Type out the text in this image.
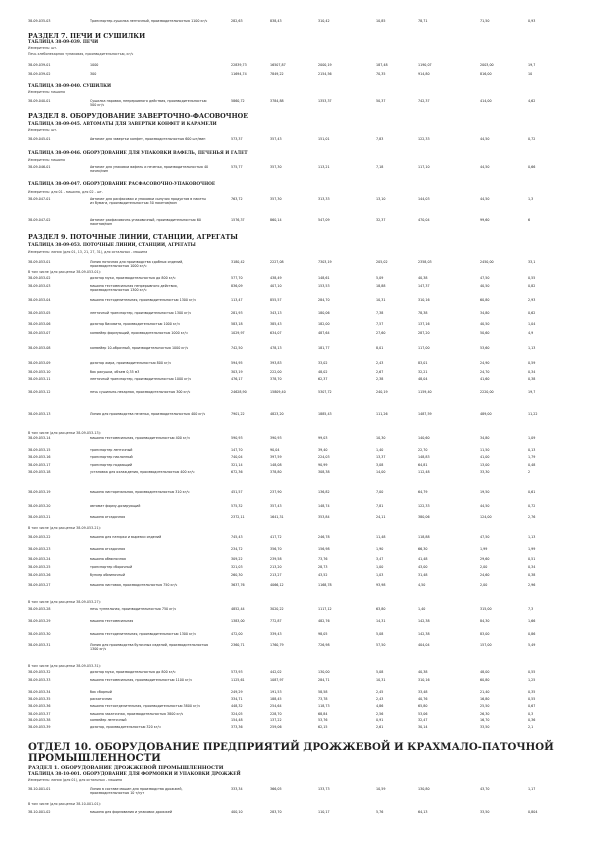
РАЗДЕЛ 7. ПЕЧИ И СУШИЛКИ
ТАБЛИЦА 38-09-039. ПЕЧИ
Измеритель: шт.
Печь хлебопекарная тупиковая, производительностью, кг/ч
ТАБЛИЦА 38-09-040. СУШИЛКИ
Измеритель: машина
РАЗДЕЛ 8. ОБОРУДОВАНИЕ ЗАВЕРТОЧНО-ФАСОВОЧНОЕ
ТАБЛИЦА 38-09-045. АВТОМАТЫ ДЛЯ ЗАВЕРТКИ КОНФЕТ И КАРАМЕЛИ
Измеритель: шт.
ТАБЛИЦА 38-09-046. ОБОРУДОВАНИЕ ДЛЯ УПАКОВКИ ВАФЕЛЬ, ПЕЧЕНЬЯ И ГАЛЕТ
Измеритель: машина
ТАБЛИЦА 38-09-047. ОБОРУДОВАНИЕ РАСФАСОВОЧНО-УПАКОВОЧНОЕ
Измеритель: для 01 - машина, для 02 - шт.
РАЗДЕЛ 9. ПОТОЧНЫЕ ЛИНИИ, СТАНЦИИ, АГРЕГАТЫ
ТАБЛИЦА 38-09-053. ПОТОЧНЫЕ ЛИНИИ, СТАНЦИИ, АГРЕГАТЫ
Измеритель: линия (для 01, 13, 21, 27, 31), для остальных - машина
В том числе (для расценки 38-09-053-01):
В том числе (для расценки 38-09-053-13):
В том числе (для расценки 38-09-053-21):
В том числе (для расценки 38-09-053-27):
В том числе (для расценки 38-09-053-31):
ОТДЕЛ 10. ОБОРУДОВАНИЕ ПРЕДПРИЯТИЙ ДРОЖЖЕВОЙ И КРАХМАЛО-ПАТОЧНОЙ ПРОМЫШЛЕННОСТИ
РАЗДЕЛ 1. ОБОРУДОВАНИЕ ДРОЖЖЕВОЙ ПРОМЫШЛЕННОСТИ
ТАБЛИЦА 38-10-001. ОБОРУДОВАНИЕ ДЛЯ ФОРМОВКИ И УПАКОВКИ ДРОЖЖЕЙ
Измеритель: линия (для 01), для остальных - машина
В том числе (для расценки 38-10-001-01):
38-09-035-03	Транспортер-сушилка ленточный, производительностью 1100 кг/ч	282,63	838,43	310,42	10,85	78,71	71,50	0,93
38-09-039-01	1000	22839,73	16507,87	2000,19	187,48	1190,07	2003,00	19,7
38-09-039-02	300	11694,74	7849,22	2154,56	70,35	914,80	816,00	10
38-09-040-01	Сушилка паровая, непрерывного действия, производительностью 500 кг/ч
5860,72	3784,88	1353,37	50,37	742,37	414,00	4,62
38-09-045-01	Автомат для завертки конфет, производительностью 600 шт/мин	573,37	357,43	151,01	7,83	122,33	44,50	0,72
38-09-046-01	Автомат для упаковки вафель и печенья, производительностью 40 пачек/мин
575,77	357,30	113,21	7,18	117,10	44,50	0,66
38-09-047-01	Автомат для расфасовки и упаковки сыпучих продуктов в пакеты из бумаги, производительностью 50 пакетов/мин
763,72	357,30	313,33	13,10	144,03	44,50	1,3
38-09-047-02	Автомат расфасовочно-упаковочный, производительностью 60 пакетов/мин
1576,37	860,14	547,09	32,37	470,04	99,60	6
38-09-053-01	Линия поточная для производства сдобных изделий, производительностью 1000 кг/ч
3180,42	2227,08	7303,19	205,02	2358,03	2450,00	33,1
38-09-053-02	дозатор муки, производительностью до 800 кг/ч	577,70	438,49	148,61	5,09	40,38	47,50	0,55
38-09-053-03	машина тестомесильная непрерывного действия, производительностью 1300 кг/ч
836,09	407,10	153,53	18,88	147,37	40,50	0,82
38-09-053-04	машина тестоделительная, производительностью 1300 кг/ч	113,47	855,57	284,70	10,31	310,16	60,80	2,93
38-09-053-05	ленточный транспортер, производительностью 1300 кг/ч	281,93	343,13	180,06	7,38	78,38	34,80	0,62
38-09-053-06	дозатор бисквита, производительностью 1000 кг/ч	583,18	385,43	182,00	7,57	137,16	40,50	1,04
38-09-053-07	конвейер формующий, производительностью 1000 кг/ч	1029,97	634,07	487,64	27,60	287,20	50,60	4,9
38-09-053-08	конвейер 10-образный, производительностью 1000 кг/ч	742,50	478,13	181,77	8,01	117,00	53,60	1,13
38-09-053-09	дозатор жира, производительностью 800 кг/ч	594,95	393,83	33,02	2,43	83,01	24,90	0,59
38-09-053-10	бак ракушки, объем 0,35 м3	303,19	222,00	48,02	2,67	32,21	24,70	0,34
38-09-053-11	ленточный транспортер, производительностью 1000 кг/ч	476,17	378,70	62,37	2,38	48,04	41,60	0,38
38-09-053-12	печь сушильно-пекарная, производительностью 300 кг/ч	24628,90	15809,40	5307,72	240,19	1159,40	2220,00	19,7
38-09-053-13	Линия для производства печенья, производительностью 400 кг/ч	7901,22	4823,20	1885,43	111,26	1487,59	489,00	11,22
38-09-053-14	машина тестомесильная, производительностью 400 кг/ч	590,93	390,93	99,03	10,30	140,60	34,80	1,09
38-09-053-15	транспортер ленточный	147,70	90,04	39,40	1,40	22,70	11,50	0,13
38-09-053-16	транспортер наклонный	740,04	397,59	224,03	13,37	148,83	41,00	1,79
38-09-053-17	транспортер подающий	321,14	148,08	90,99	3,08	64,81	13,00	0,48
38-09-053-18	установка для охлаждения, производительностью 400 кг/ч	672,36	378,80	308,38	14,00	112,48	33,30	2
38-09-053-19	машина листорезальная, производительностью 310 кг/ч	451,57	237,90	136,82	7,00	64,79	19,50	0,61
38-09-053-20	автомат форму-дозирующий	575,32	357,43	148,74	7,81	122,33	44,50	0,72
38-09-053-21	машина отсадочная	2372,11	1641,31	353,84	24,11	380,06	124,00	2,76
38-09-053-22	машина для натирки и вырезки изделий	745,43	417,72	246,78	11,48	118,88	47,50	1,13
38-09-053-23	машина отсадочная	234,72	356,70	156,98	1,90	66,30	1,99	1,99
38-09-053-24	машина обминочная	309,22	239,58	73,76	3,47	41,48	29,60	0,51
38-09-053-25	транспортер сборочный	321,03	213,20	28,73	1,00	43,00	2,00	0,34
38-09-053-26	бункер обминочный	260,30	213,27	43,52	1,03	31,48	24,60	0,38
38-09-053-27	машина листовая, производительностью 750 кг/ч	3637,76	4066,12	1168,78	93,98	4,50	2,00	2,96
38-09-053-28	печь туннельная, производительностью 750 кг/ч	4852,44	3020,22	1117,12	63,80	1,40	315,00	7,3
38-09-053-29	машина тестомесильная	1383,00	772,87	482,76	14,31	142,38	84,30	1,66
38-09-053-30	машина тестоделительная, производительностью 1300 кг/ч	472,00	339,43	98,05	5,08	142,38	83,00	0,86
38-09-053-31	Линия для производства булочных изделий, производительностью 1300 кг/ч
2360,71	1760,79	726,98	57,50	404,04	157,00	5,49
38-09-053-32	дозатор муки, производительностью до 800 кг/ч	573,93	442,02	130,00	5,08	40,38	48,00	0,55
38-09-053-33	машина тестомесильная, производительностью 1100 кг/ч	1125,61	1087,97	284,71	10,31	310,16	60,80	1,25
38-09-053-34	бак сборный	249,29	191,53	58,58	2,45	33,48	21,40	0,35
38-09-053-35	раскаточник	334,71	188,45	73,78	2,43	40,76	16,80	0,55
38-09-053-36	машина тестоотделительная, производительностью 3800 кг/ч	448,32	254,64	118,73	4,86	65,80	25,50	0,67
38-09-053-37	машина закаточная, производительностью 3800 кг/ч	324,05	228,70	68,84	2,56	53,06	26,30	0,3
38-09-053-38	конвейер ленточный	154,48	137,22	53,76	0,91	32,47	16,70	0,36
38-09-053-39	дозатор, производительностью 320 кг/ч	373,36	259,06	62,15	2,61	30,14	33,50	2,1
38-10-001-01	Линия в составе машин для производства дрожжей, производительностью 10 т/сут
333,34	366,05	133,73	10,59	130,80	43,70	1,17
38-10-001-02	машина для формования и упаковки дрожжей	400,10	283,70	110,17	5,76	64,13	33,50	0,804
